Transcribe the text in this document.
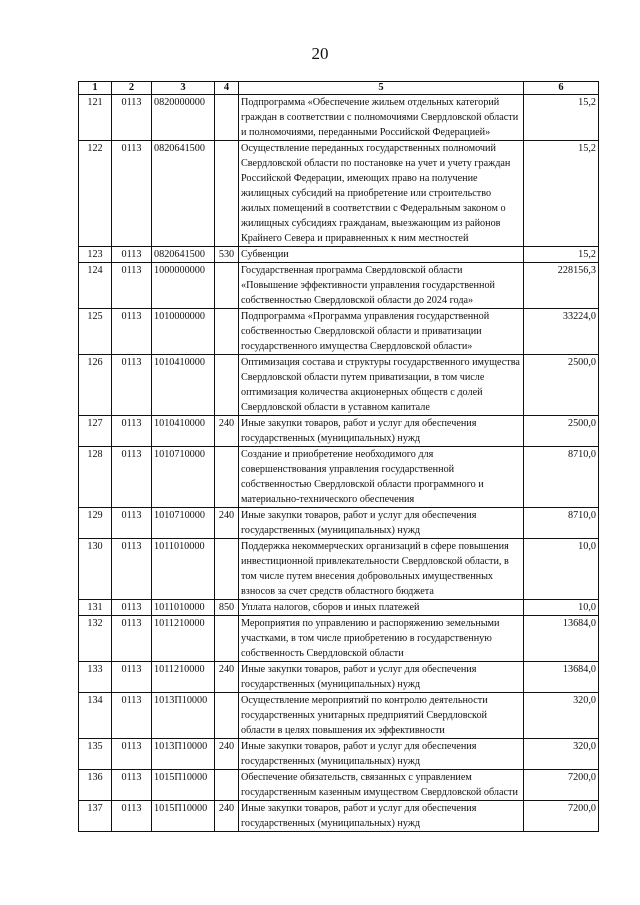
20
1	2	3	4	5	6
121	0113	0820000000		Подпрограмма «Обеспечение жильем отдельных категорий граждан в соответствии с полномочиями Свердловской области и полномочиями, переданными Российской Федерацией»	15,2
122	0113	0820641500		Осуществление переданных государственных полномочий Свердловской области по постановке на учет и учету граждан Российской Федерации, имеющих право на получение жилищных субсидий на приобретение или строительство жилых помещений в соответствии с Федеральным законом о жилищных субсидиях гражданам, выезжающим из районов Крайнего Севера и приравненных к ним местностей	15,2
123	0113	0820641500	530	Субвенции	15,2
124	0113	1000000000		Государственная программа Свердловской области «Повышение эффективности управления государственной собственностью Свердловской области до 2024 года»	228156,3
125	0113	1010000000		Подпрограмма «Программа управления государственной собственностью Свердловской области и приватизации государственного имущества Свердловской области»	33224,0
126	0113	1010410000		Оптимизация состава и структуры государственного имущества Свердловской области путем приватизации, в том числе оптимизация количества акционерных обществ с долей Свердловской области в уставном капитале	2500,0
127	0113	1010410000	240	Иные закупки товаров, работ и услуг для обеспечения государственных (муниципальных) нужд	2500,0
128	0113	1010710000		Создание и приобретение необходимого для совершенствования управления государственной собственностью Свердловской области программного и материально-технического обеспечения	8710,0
129	0113	1010710000	240	Иные закупки товаров, работ и услуг для обеспечения государственных (муниципальных) нужд	8710,0
130	0113	1011010000		Поддержка некоммерческих организаций в сфере повышения инвестиционной привлекательности Свердловской области, в том числе путем внесения добровольных имущественных взносов за счет средств областного бюджета	10,0
131	0113	1011010000	850	Уплата налогов, сборов и иных платежей	10,0
132	0113	1011210000		Мероприятия по управлению и распоряжению земельными участками, в том числе приобретению в государственную собственность Свердловской области	13684,0
133	0113	1011210000	240	Иные закупки товаров, работ и услуг для обеспечения государственных (муниципальных) нужд	13684,0
134	0113	1013П10000		Осуществление мероприятий по контролю деятельности государственных унитарных предприятий Свердловской области в целях повышения их эффективности	320,0
135	0113	1013П10000	240	Иные закупки товаров, работ и услуг для обеспечения государственных (муниципальных) нужд	320,0
136	0113	1015П10000		Обеспечение обязательств, связанных с управлением государственным казенным имуществом Свердловской области	7200,0
137	0113	1015П10000	240	Иные закупки товаров, работ и услуг для обеспечения государственных (муниципальных) нужд	7200,0
